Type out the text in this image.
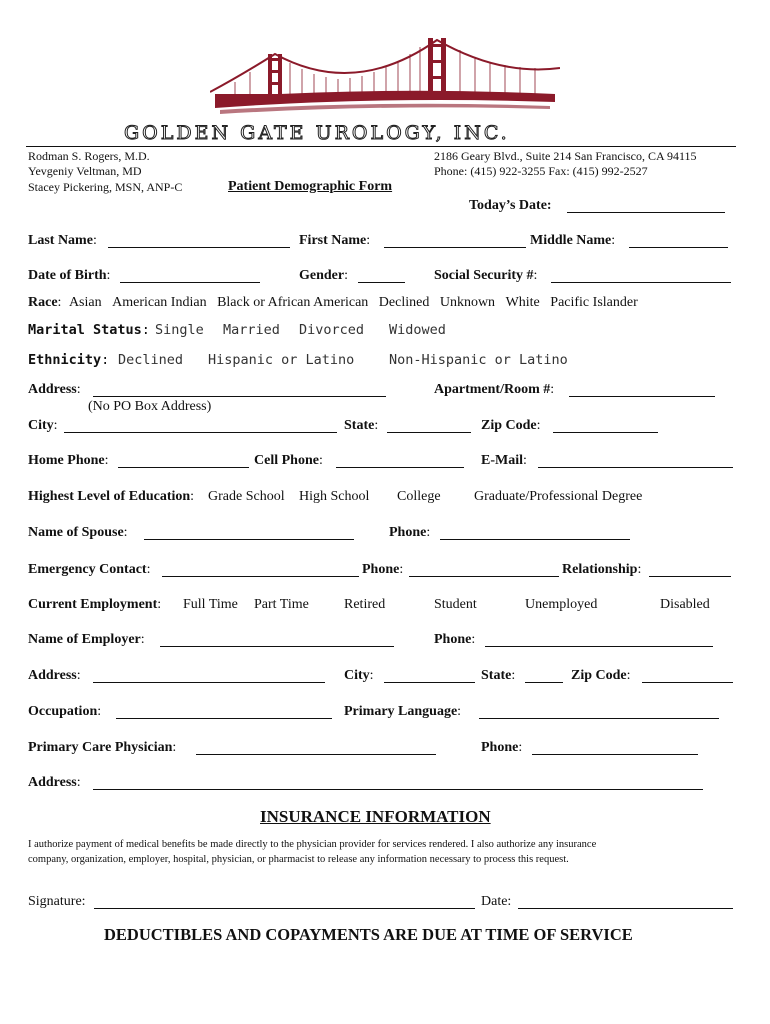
GOLDEN GATE UROLOGY, INC.
Rodman S. Rogers, M.D.
Yevgeniy Veltman, MD
Stacey Pickering, MSN, ANP-C
2186 Geary Blvd., Suite 214 San Francisco, CA 94115
Phone: (415) 922-3255 Fax: (415) 992-2527
Patient Demographic Form
Today’s Date:
Last Name:	First Name:	Middle Name:
Date of Birth:	Gender:	Social Security #:
Race: Asian American Indian Black or African American Declined Unknown White Pacific Islander
Marital Status: Single Married Divorced Widowed
Ethnicity: Declined Hispanic or Latino	Non-Hispanic or Latino
Address:	Apartment/Room #:
(No PO Box Address)
City:	State:	Zip Code:
Home Phone:	Cell Phone:	E-Mail:
Highest Level of Education: Grade School High School College Graduate/Professional Degree
Name of Spouse:	Phone:
Emergency Contact:	Phone:	Relationship:
Current Employment: Full Time Part Time	Retired	Student	Unemployed	Disabled
Name of Employer:	Phone:
Address:	City:	State:	Zip Code:
Occupation:	Primary Language:
Primary Care Physician:	Phone:
Address:
INSURANCE INFORMATION
I authorize payment of medical benefits be made directly to the physician provider for services rendered. I also authorize any insurance
company, organization, employer, hospital, physician, or pharmacist to release any information necessary to process this request.
Signature:	Date:
DEDUCTIBLES AND COPAYMENTS ARE DUE AT TIME OF SERVICE
